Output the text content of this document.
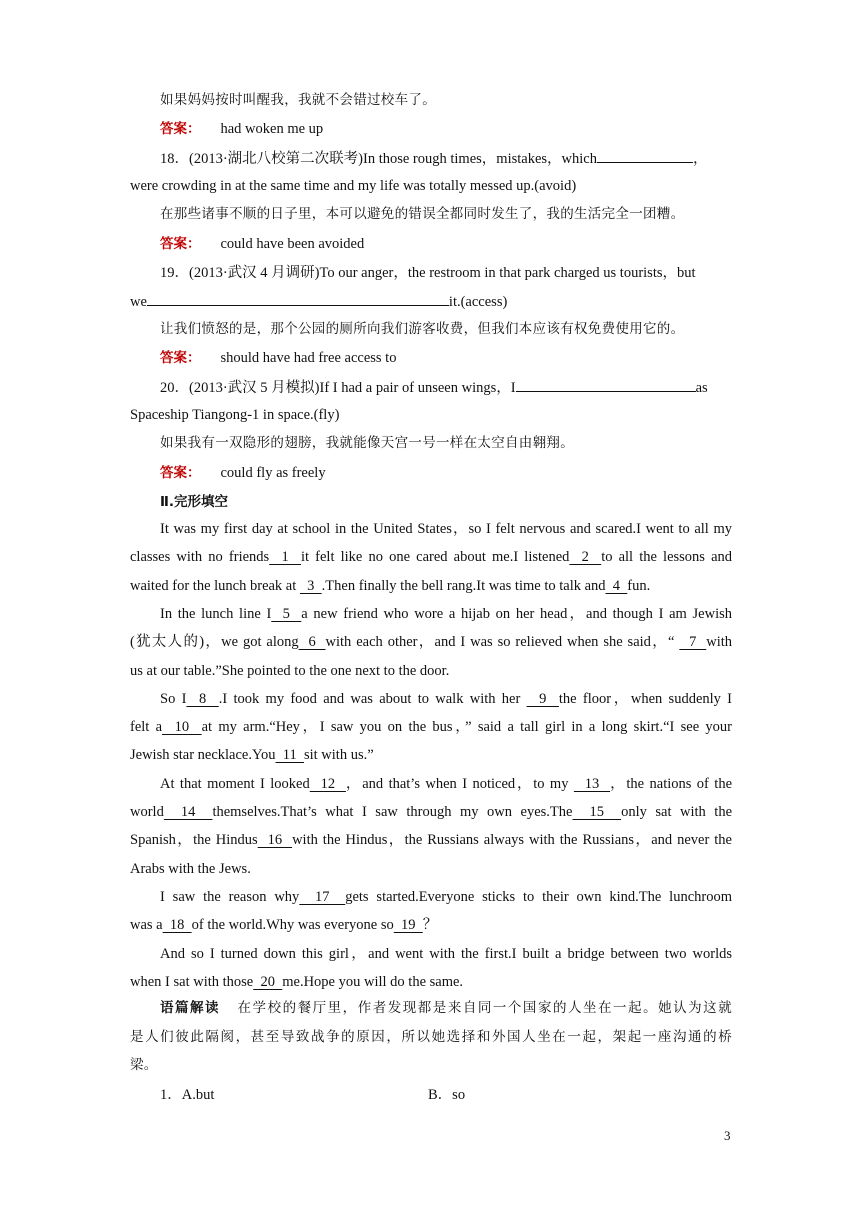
如果妈妈按时叫醒我，我就不会错过校车了。
答案： had woken me up
18．(2013·湖北八校第二次联考)In those rough times，mistakes，which	，
were crowding in at the same time and my life was totally messed up.(avoid)
在那些诸事不顺的日子里，本可以避免的错误全都同时发生了，我的生活完全一团糟。
答案： could have been avoided
19．(2013·武汉 4 月调研)To our anger，the restroom in that park charged us tourists，but
we	it.(access)
让我们愤怒的是，那个公园的厕所向我们游客收费，但我们本应该有权免费使用它的。
答案： should have had free access to
20．(2013·武汉 5 月模拟)If I had a pair of unseen wings，I	as
Spaceship Tiangong-1 in space.(fly)
如果我有一双隐形的翅膀，我就能像天宫一号一样在太空自由翱翔。
答案： could fly as freely
Ⅱ.完形填空
It was my first day at school in the United States，so I felt nervous and scared.I went to all my
classes with no friends  1  it felt like no one cared about me.I listened  2  to all the lessons and
waited for the lunch break at   3  .Then finally the bell rang.It was time to talk and  4  fun.
In the lunch line I  5  a new friend who wore a hijab on her head，and though I am Jewish
(犹太人的)，we got along  6  with each other，and I was so relieved when she said，“   7  with
us at our table.”She pointed to the one next to the door.
So I  8  .I took my food and was about to walk with her   9  the floor，when suddenly I
felt a  10  at my arm.“Hey，I saw you on the bus，” said a tall girl in a long skirt.“I see your
Jewish star necklace.You  11  sit with us.”
At that moment I looked  12  ，and that’s when I noticed，to my   13  ，the nations of the
world  14  themselves.That’s what I saw through my own eyes.The  15  only sat with the
Spanish，the Hindus  16  with the Hindus，the Russians always with the Russians，and never the
Arabs with the Jews.
I saw the reason why  17  gets started.Everyone sticks to their own kind.The lunchroom
was a  18  of the world.Why was everyone so  19  ？
And so I turned down this girl，and went with the first.I built a bridge between two worlds
when I sat with those  20  me.Hope you will do the same.
语篇解读 在学校的餐厅里，作者发现都是来自同一个国家的人坐在一起。她认为这就
是人们彼此隔阂，甚至导致战争的原因，所以她选择和外国人坐在一起，架起一座沟通的桥
梁。
1．A.but	B．so
3
